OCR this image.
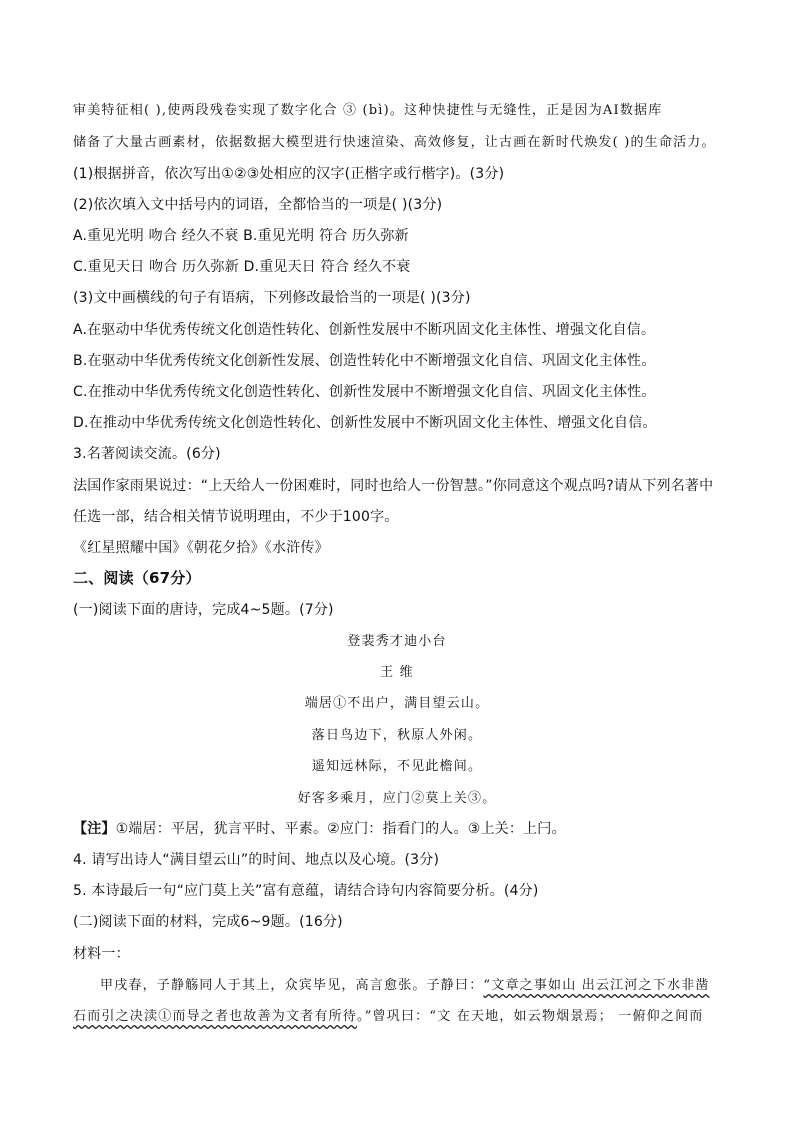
审美特征相( ),使两段残卷实现了数字化合 ③ (bì)。这种快捷性与无缝性，正是因为AI数据库
储备了大量古画素材，依据数据大模型进行快速渲染、高效修复，让古画在新时代焕发( )的生命活力。
(1)根据拼音，依次写出①②③处相应的汉字(正楷字或行楷字)。(3分)
(2)依次填入文中括号内的词语，全都恰当的一项是( )(3分)
A.重见光明 吻合 经久不衰 B.重见光明 符合 历久弥新
C.重见天日 吻合 历久弥新 D.重见天日 符合 经久不衰
(3)文中画横线的句子有语病，下列修改最恰当的一项是( )(3分)
A.在驱动中华优秀传统文化创造性转化、创新性发展中不断巩固文化主体性、增强文化自信。
B.在驱动中华优秀传统文化创新性发展、创造性转化中不断增强文化自信、巩固文化主体性。
C.在推动中华优秀传统文化创造性转化、创新性发展中不断增强文化自信、巩固文化主体性。
D.在推动中华优秀传统文化创造性转化、创新性发展中不断巩固文化主体性、增强文化自信。
3.名著阅读交流。(6分)
法国作家雨果说过：“上天给人一份困难时，同时也给人一份智慧。”你同意这个观点吗?请从下列名著中
任选一部，结合相关情节说明理由，不少于100字。
《红星照耀中国》《朝花夕拾》《水浒传》
二、阅读（67分）
(一)阅读下面的唐诗，完成4~5题。(7分)
登裴秀才迪小台
王 维
端居①不出户，满目望云山。
落日鸟边下，秋原人外闲。
遥知远林际，不见此檐间。
好客多乘月，应门②莫上关③。
【注】①端居：平居，犹言平时、平素。②应门：指看门的人。③上关：上闩。
4. 请写出诗人“满目望云山”的时间、地点以及心境。(3分)
5. 本诗最后一句“应门莫上关”富有意蕴，请结合诗句内容简要分析。(4分)
(二)阅读下面的材料，完成6~9题。(16分)
材料一：
甲戌春，子静觞同人于其上，众宾毕见，高言愈张。子静曰：“文章之事如山 出云江河之下水非凿
石而引之决渎①而导之者也故善为文者有所待。”曾巩曰：“文 在天地，如云物烟景焉； 一俯仰之间而
